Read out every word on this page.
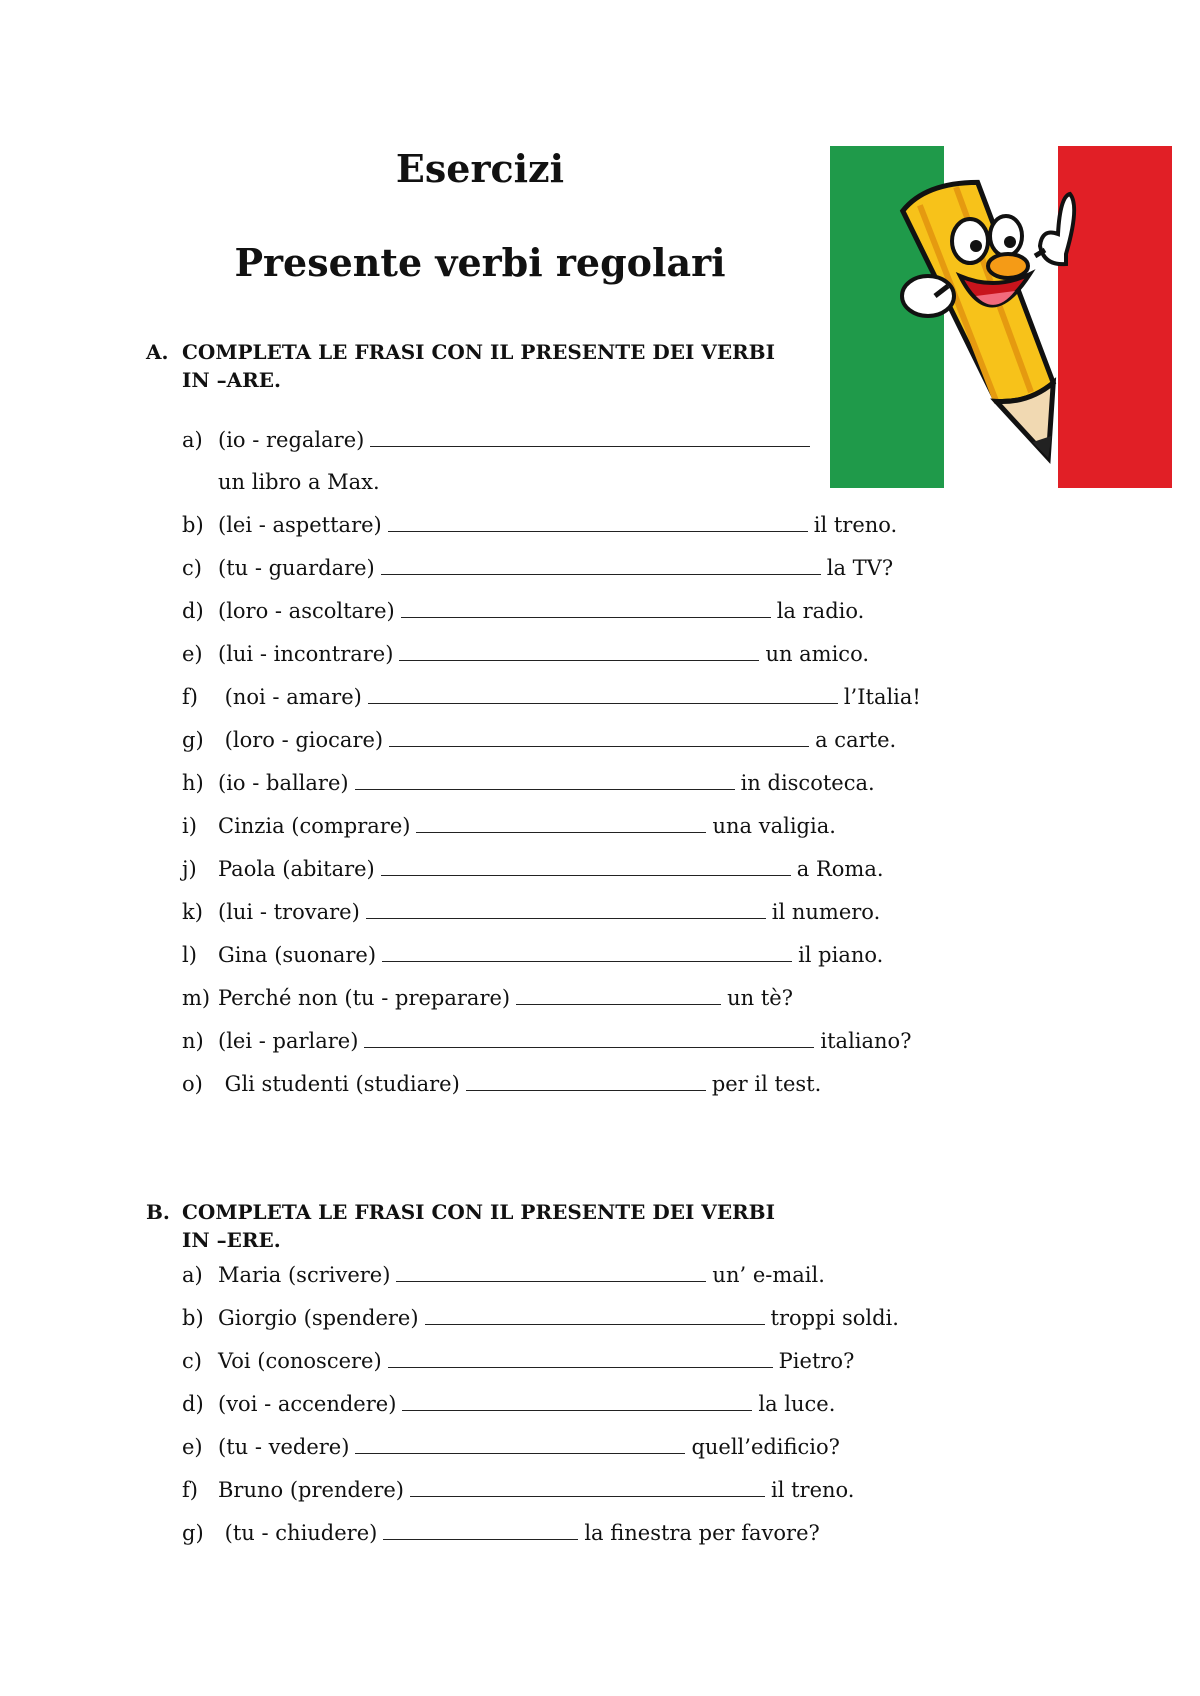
Esercizi
Presente verbi regolari
A. COMPLETA LE FRASI CON IL PRESENTE DEI VERBI IN –ARE.
a) (io - regalare)
un libro a Max.
b) (lei - aspettare)	il treno.
c) (tu - guardare)	la TV?
d) (loro - ascoltare)	la radio.
e) (lui - incontrare)	un amico.
f) (noi - amare)	l’Italia!
g) (loro - giocare)	a carte.
h) (io - ballare)	in discoteca.
i) Cinzia (comprare)	una valigia.
j) Paola (abitare)	a Roma.
k) (lui - trovare)	il numero.
l) Gina (suonare)	il piano.
m) Perché non (tu - preparare)	un tè?
n) (lei - parlare)	italiano?
o) Gli studenti (studiare)	per il test.
B. COMPLETA LE FRASI CON IL PRESENTE DEI VERBI IN –ERE.
a) Maria (scrivere)	un’ e-mail.
b) Giorgio (spendere)	troppi soldi.
c) Voi (conoscere)	Pietro?
d) (voi - accendere)	la luce.
e) (tu - vedere)	quell’edificio?
f) Bruno (prendere)	il treno.
g) (tu - chiudere)	la finestra per favore?
